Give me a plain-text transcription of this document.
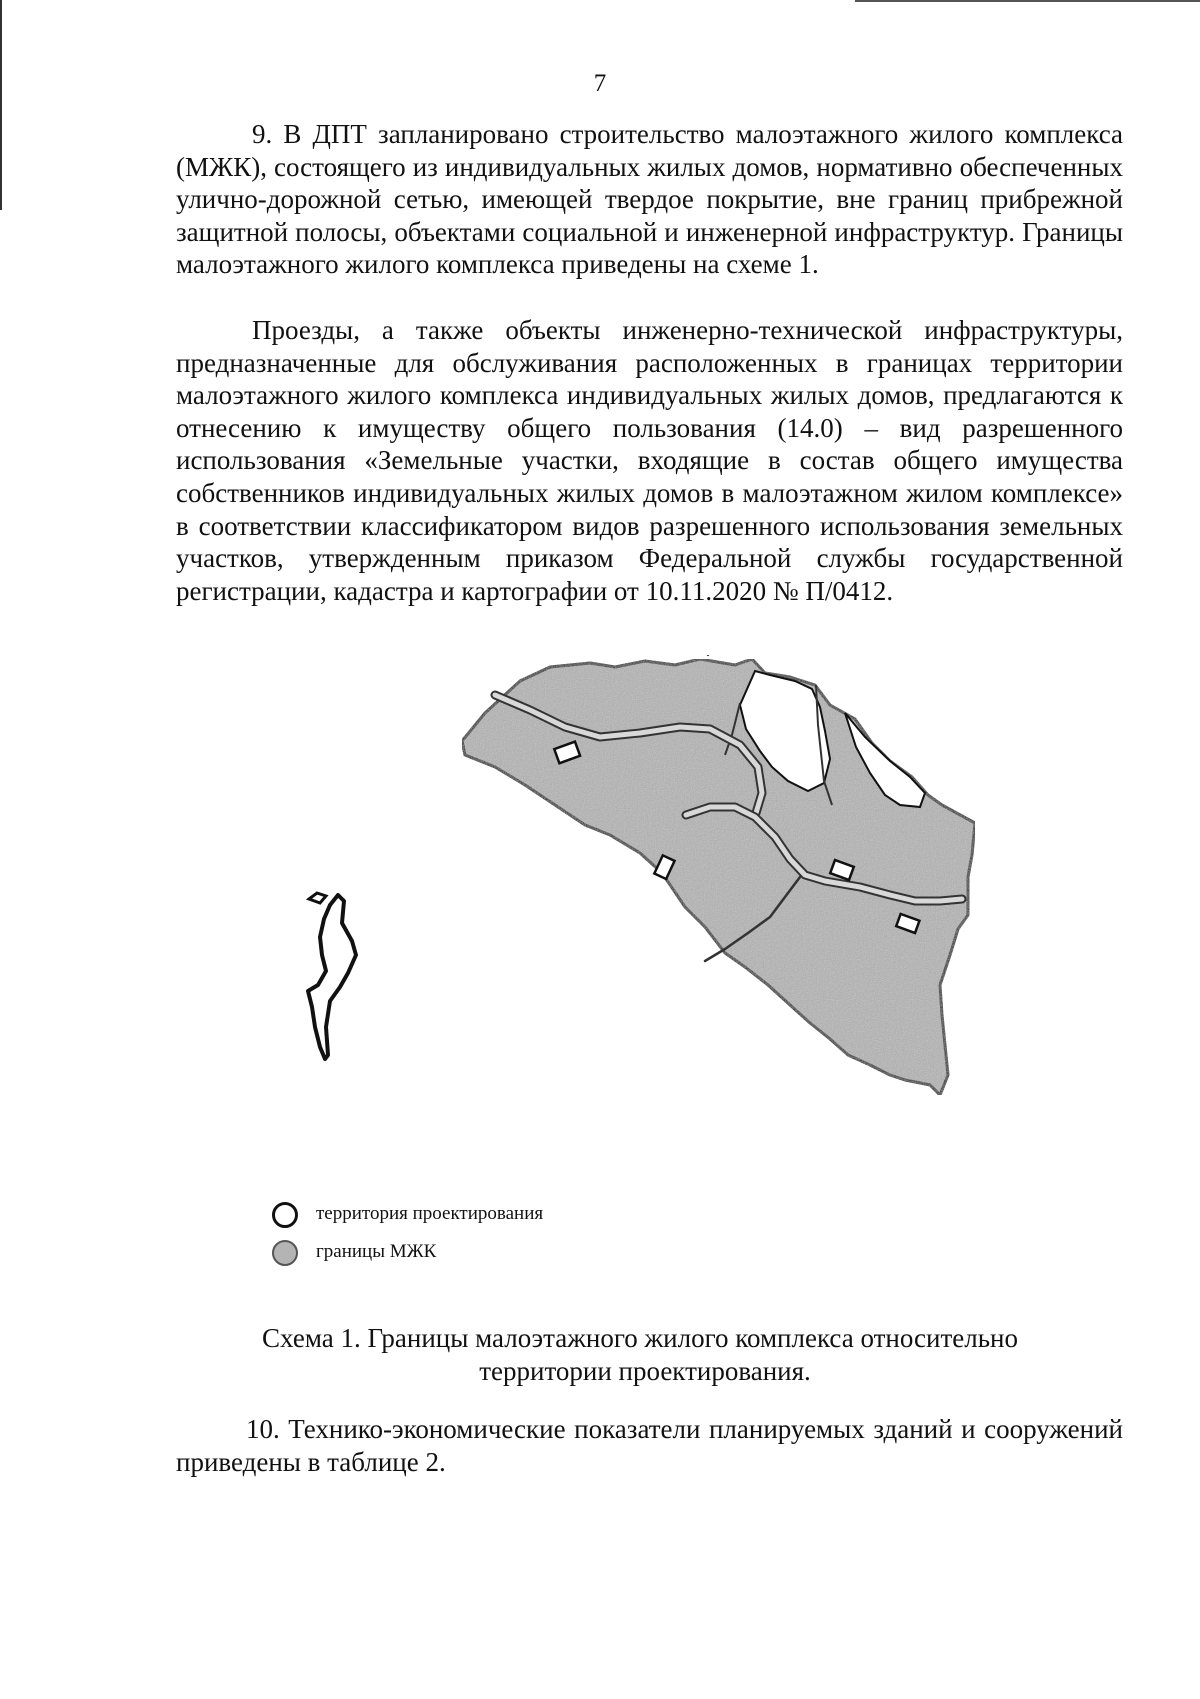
7

9. В ДПТ запланировано строительство малоэтажного жилого комплекса (МЖК), состоящего из индивидуальных жилых домов, нормативно обеспеченных улично-дорожной сетью, имеющей твердое покрытие, вне границ прибрежной защитной полосы, объектами социальной и инженерной инфраструктур. Границы малоэтажного жилого комплекса приведены на схеме 1.

Проезды, а также объекты инженерно-технической инфраструктуры, предназначенные для обслуживания расположенных в границах территории малоэтажного жилого комплекса индивидуальных жилых домов, предлагаются к отнесению к имуществу общего пользования (14.0) – вид разрешенного использования «Земельные участки, входящие в состав общего имущества собственников индивидуальных жилых домов в малоэтажном жилом комплексе» в соответствии классификатором видов разрешенного использования земельных участков, утвержденным приказом Федеральной службы государственной регистрации, кадастра и картографии от 10.11.2020 № П/0412.

территория проектирования
границы МЖК
Схема 1. Границы малоэтажного жилого комплекса относительно
территории проектирования.

10. Технико-экономические показатели планируемых зданий и сооружений приведены в таблице 2.
